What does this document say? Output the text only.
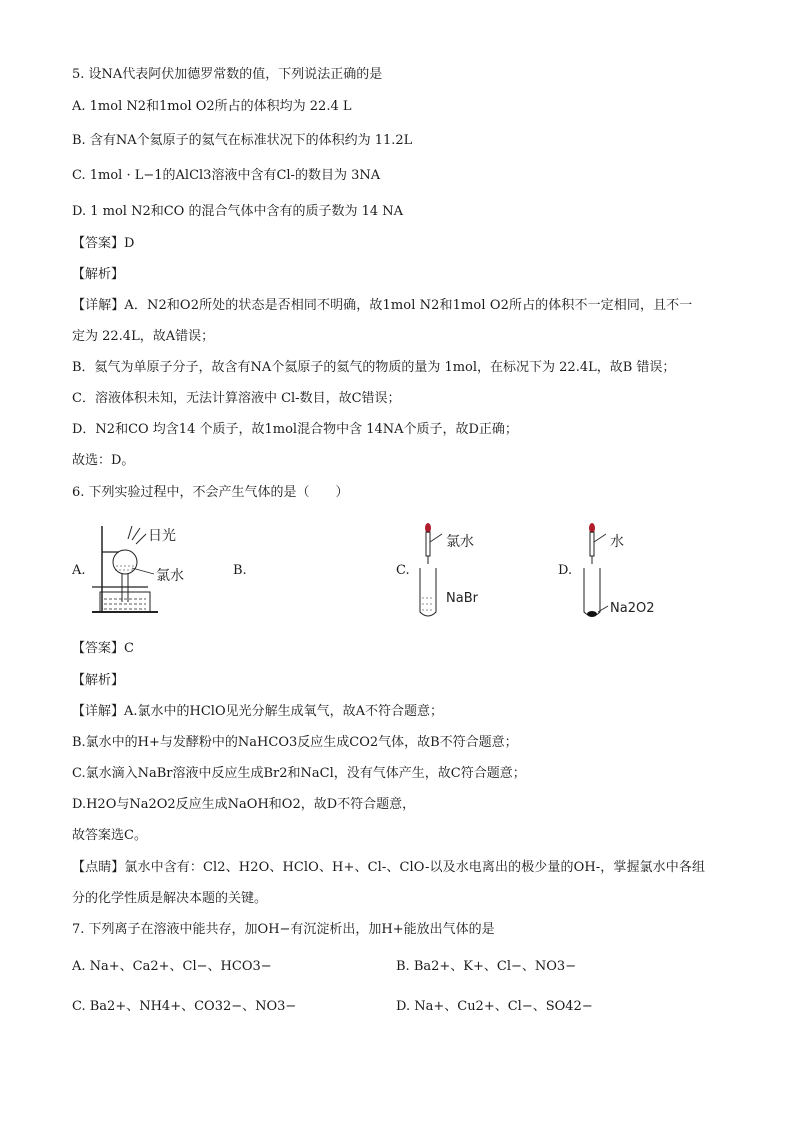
5. 设NA代表阿伏加德罗常数的值，下列说法正确的是
A. 1mol N2和1mol O2所占的体积均为 22.4 L
B. 含有NA个氦原子的氦气在标准状况下的体积约为 11.2L
C. 1mol · L−1的AlCl3溶液中含有Cl-的数目为 3NA
D. 1 mol N2和CO 的混合气体中含有的质子数为 14 NA
【答案】D
【解析】
【详解】A．N2和O2所处的状态是否相同不明确，故1mol N2和1mol O2所占的体积不一定相同，且不一
定为 22.4L，故A错误；
B．氦气为单原子分子，故含有NA个氦原子的氦气的物质的量为 1mol，在标况下为 22.4L，故B 错误；
C．溶液体积未知，无法计算溶液中 Cl-数目，故C错误；
D．N2和CO 均含14 个质子，故1mol混合物中含 14NA个质子，故D正确；
故选：D。
6. 下列实验过程中，不会产生气体的是（　　）
A.
日光
氯水	B.	C.
氯水
NaBr
D.
水
Na2O2
【答案】C
【解析】
【详解】A.氯水中的HClO见光分解生成氧气，故A不符合题意；
B.氯水中的H+与发酵粉中的NaHCO3反应生成CO2气体，故B不符合题意；
C.氯水滴入NaBr溶液中反应生成Br2和NaCl，没有气体产生，故C符合题意；
D.H2O与Na2O2反应生成NaOH和O2，故D不符合题意，
故答案选C。
【点睛】氯水中含有：Cl2、H2O、HClO、H+、Cl-、ClO-以及水电离出的极少量的OH-，掌握氯水中各组
分的化学性质是解决本题的关键。
7. 下列离子在溶液中能共存，加OH−有沉淀析出，加H+能放出气体的是
A. Na+、Ca2+、Cl−、HCO3−	B. Ba2+、K+、Cl−、NO3−
C. Ba2+、NH4+、CO32−、NO3−	D. Na+、Cu2+、Cl−、SO42−
